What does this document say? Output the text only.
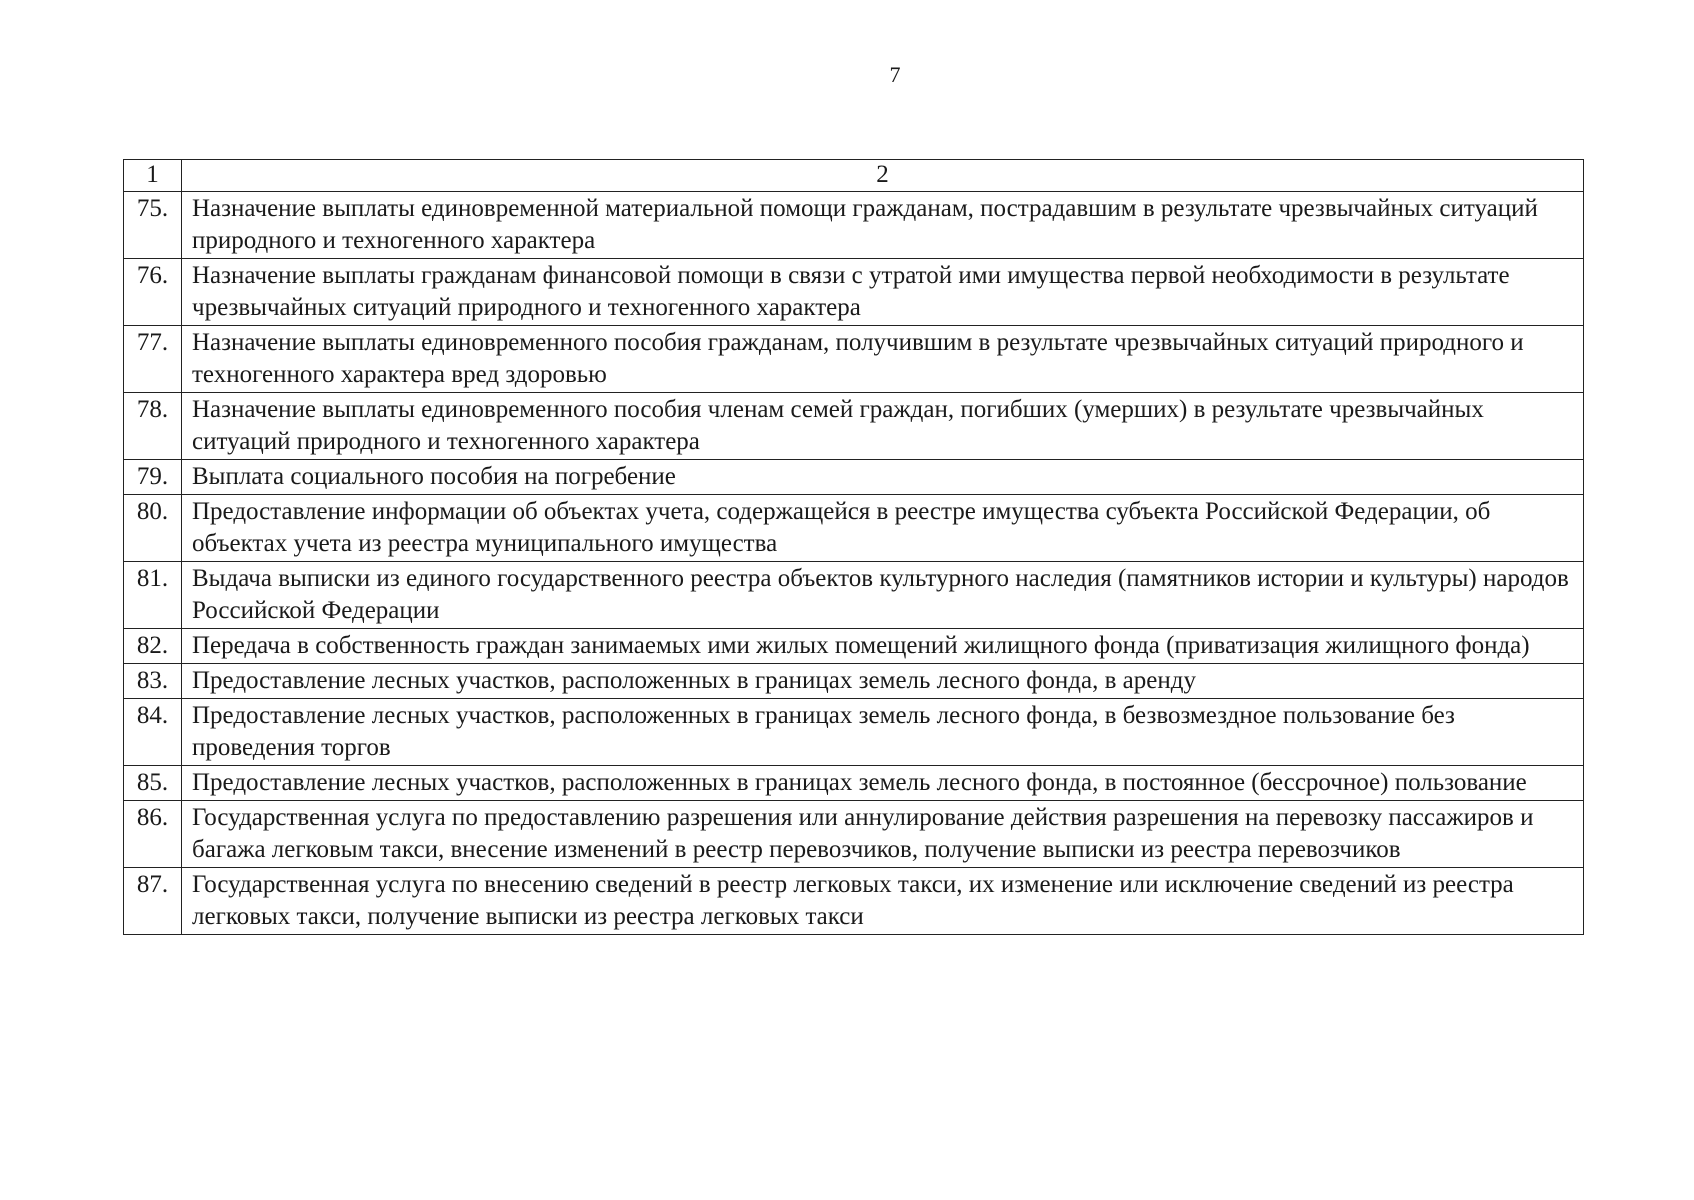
7
1	2
75.	Назначение выплаты единовременной материальной помощи гражданам, пострадавшим в результате чрезвычайных ситуаций природного и техногенного характера
76.	Назначение выплаты гражданам финансовой помощи в связи с утратой ими имущества первой необходимости в результате чрезвычайных ситуаций природного и техногенного характера
77.	Назначение выплаты единовременного пособия гражданам, получившим в результате чрезвычайных ситуаций природного и техногенного характера вред здоровью
78.	Назначение выплаты единовременного пособия членам семей граждан, погибших (умерших) в результате чрезвычайных ситуаций природного и техногенного характера
79.	Выплата социального пособия на погребение
80.	Предоставление информации об объектах учета, содержащейся в реестре имущества субъекта Российской Федерации, об объектах учета из реестра муниципального имущества
81.	Выдача выписки из единого государственного реестра объектов культурного наследия (памятников истории и культуры) народов Российской Федерации
82.	Передача в собственность граждан занимаемых ими жилых помещений жилищного фонда (приватизация жилищного фонда)
83.	Предоставление лесных участков, расположенных в границах земель лесного фонда, в аренду
84.	Предоставление лесных участков, расположенных в границах земель лесного фонда, в безвозмездное пользование без проведения торгов
85.	Предоставление лесных участков, расположенных в границах земель лесного фонда, в постоянное (бессрочное) пользование
86.	Государственная услуга по предоставлению разрешения или аннулирование действия разрешения на перевозку пассажиров и багажа легковым такси, внесение изменений в реестр перевозчиков, получение выписки из реестра перевозчиков
87.	Государственная услуга по внесению сведений в реестр легковых такси, их изменение или исключение сведений из реестра легковых такси, получение выписки из реестра легковых такси
